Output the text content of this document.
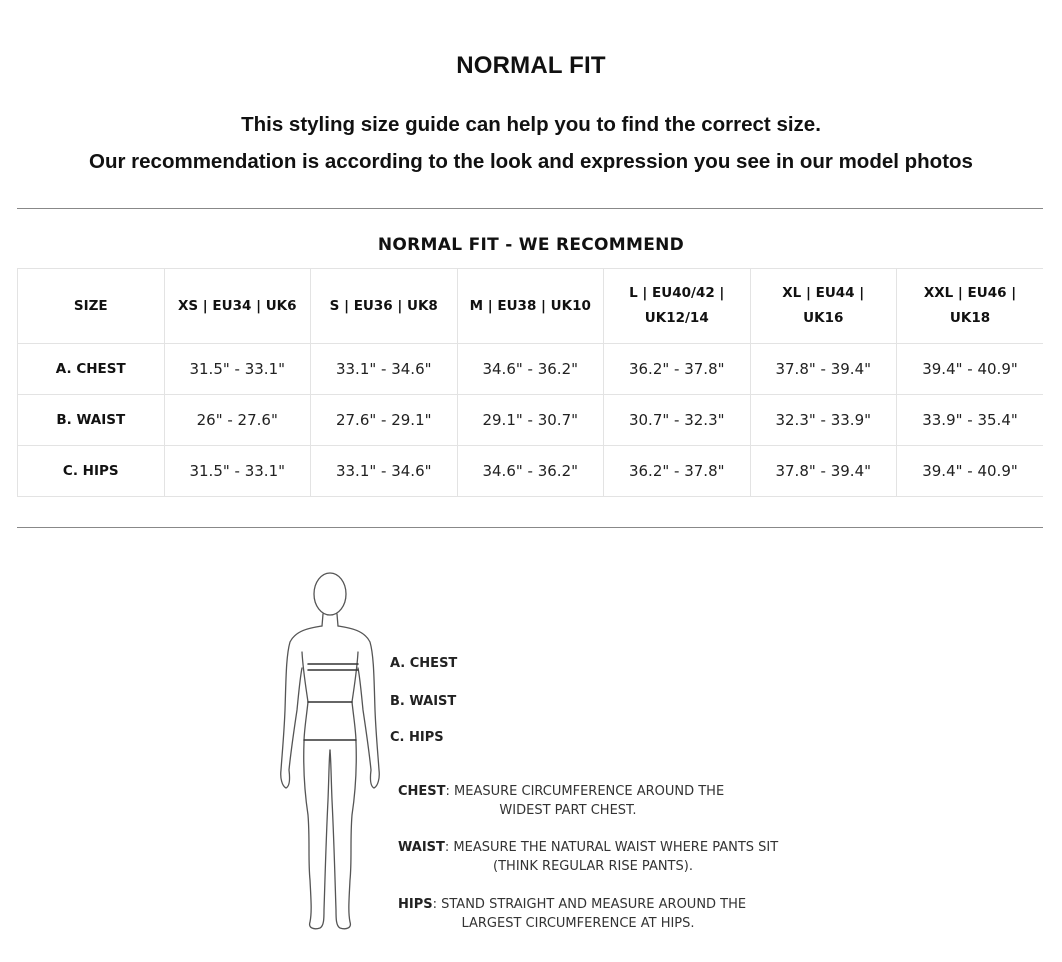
NORMAL FIT
This styling size guide can help you to find the correct size.
Our recommendation is according to the look and expression you see in our model photos
NORMAL FIT - WE RECOMMEND
SIZE	XS | EU34 | UK6	S | EU36 | UK8	M | EU38 | UK10	L | EU40/42 | UK12/14	XL | EU44 | UK16	XXL | EU46 | UK18
A. CHEST	31.5" - 33.1"	33.1" - 34.6"	34.6" - 36.2"	36.2" - 37.8"	37.8" - 39.4"	39.4" - 40.9"
B. WAIST	26" - 27.6"	27.6" - 29.1"	29.1" - 30.7"	30.7" - 32.3"	32.3" - 33.9"	33.9" - 35.4"
C. HIPS	31.5" - 33.1"	33.1" - 34.6"	34.6" - 36.2"	36.2" - 37.8"	37.8" - 39.4"	39.4" - 40.9"
A. CHEST
B. WAIST
C. HIPS
CHEST: MEASURE CIRCUMFERENCE AROUND THE
WIDEST PART CHEST.
WAIST: MEASURE THE NATURAL WAIST WHERE PANTS SIT
(THINK REGULAR RISE PANTS).
HIPS: STAND STRAIGHT AND MEASURE AROUND THE
LARGEST CIRCUMFERENCE AT HIPS.
